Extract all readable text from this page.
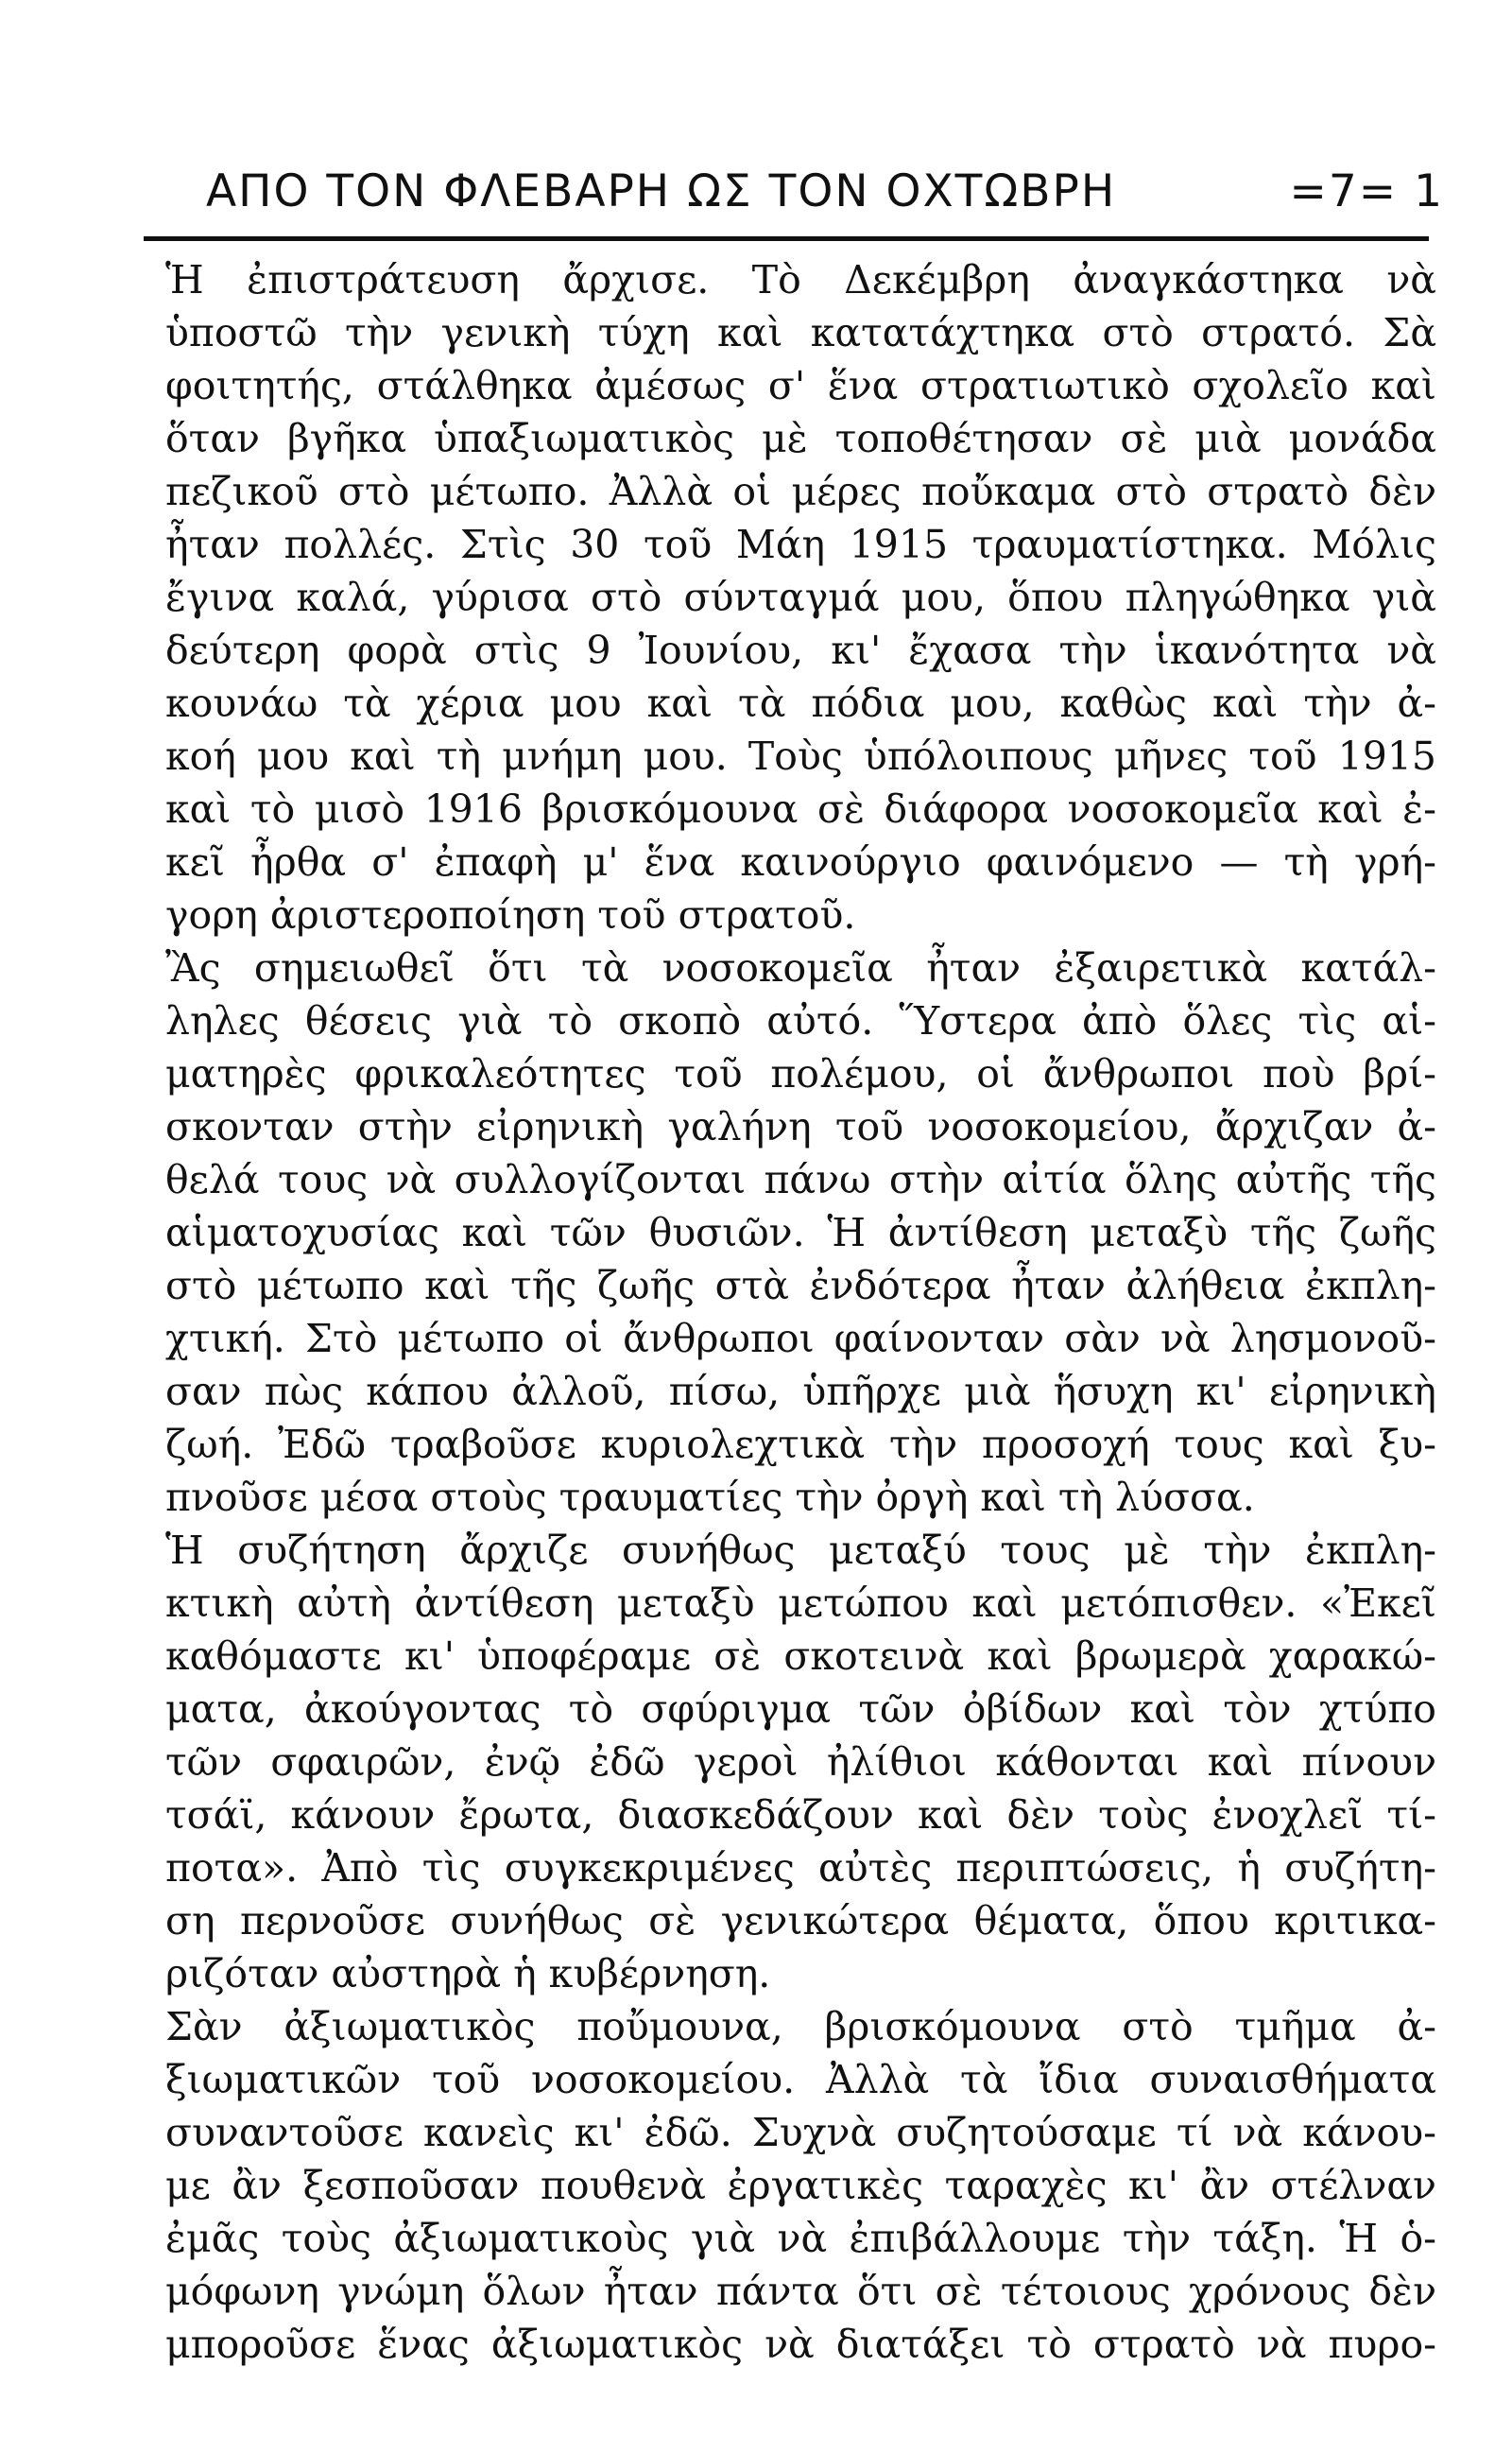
ΑΠΟ ΤΟΝ ΦΛΕΒΑΡΗ ΩΣ ΤΟΝ ΟΧΤΩΒΡΗ	=7= 1
Ἡ ἐπιστράτευση ἄρχισε. Τὸ Δεκέμβρη ἀναγκάστηκα νὰ
ὑποστῶ τὴν γενικὴ τύχη καὶ κατατάχτηκα στὸ στρατό. Σὰ
φοιτητής, στάλθηκα ἀμέσως σ' ἕνα στρατιωτικὸ σχολεῖο καὶ
ὅταν βγῆκα ὑπαξιωματικὸς μὲ τοποθέτησαν σὲ μιὰ μονάδα
πεζικοῦ στὸ μέτωπο. Ἀλλὰ οἱ μέρες ποὔκαμα στὸ στρατὸ δὲν
ἦταν πολλές. Στὶς 30 τοῦ Μάη 1915 τραυματίστηκα. Μόλις
ἔγινα καλά, γύρισα στὸ σύνταγμά μου, ὅπου πληγώθηκα γιὰ
δεύτερη φορὰ στὶς 9 Ἰουνίου, κι' ἔχασα τὴν ἱκανότητα νὰ
κουνάω τὰ χέρια μου καὶ τὰ πόδια μου, καθὼς καὶ τὴν ἀ-
κοή μου καὶ τὴ μνήμη μου. Τοὺς ὑπόλοιπους μῆνες τοῦ 1915
καὶ τὸ μισὸ 1916 βρισκόμουνα σὲ διάφορα νοσοκομεῖα καὶ ἐ-
κεῖ ἦρθα σ' ἐπαφὴ μ' ἕνα καινούργιο φαινόμενο — τὴ γρή-
γορη ἀριστεροποίηση τοῦ στρατοῦ.
Ἂς σημειωθεῖ ὅτι τὰ νοσοκομεῖα ἦταν ἐξαιρετικὰ κατάλ-
ληλες θέσεις γιὰ τὸ σκοπὸ αὐτό. Ὕστερα ἀπὸ ὅλες τὶς αἱ-
ματηρὲς φρικαλεότητες τοῦ πολέμου, οἱ ἄνθρωποι ποὺ βρί-
σκονταν στὴν εἰρηνικὴ γαλήνη τοῦ νοσοκομείου, ἄρχιζαν ἀ-
θελά τους νὰ συλλογίζονται πάνω στὴν αἰτία ὅλης αὐτῆς τῆς
αἱματοχυσίας καὶ τῶν θυσιῶν. Ἡ ἀντίθεση μεταξὺ τῆς ζωῆς
στὸ μέτωπο καὶ τῆς ζωῆς στὰ ἐνδότερα ἦταν ἀλήθεια ἐκπλη-
χτική. Στὸ μέτωπο οἱ ἄνθρωποι φαίνονταν σὰν νὰ λησμονοῦ-
σαν πὼς κάπου ἀλλοῦ, πίσω, ὑπῆρχε μιὰ ἥσυχη κι' εἰρηνικὴ
ζωή. Ἐδῶ τραβοῦσε κυριολεχτικὰ τὴν προσοχή τους καὶ ξυ-
πνοῦσε μέσα στοὺς τραυματίες τὴν ὀργὴ καὶ τὴ λύσσα.
Ἡ συζήτηση ἄρχιζε συνήθως μεταξύ τους μὲ τὴν ἐκπλη-
κτικὴ αὐτὴ ἀντίθεση μεταξὺ μετώπου καὶ μετόπισθεν. «Ἐκεῖ
καθόμαστε κι' ὑποφέραμε σὲ σκοτεινὰ καὶ βρωμερὰ χαρακώ-
ματα, ἀκούγοντας τὸ σφύριγμα τῶν ὀβίδων καὶ τὸν χτύπο
τῶν σφαιρῶν, ἐνῷ ἐδῶ γεροὶ ἠλίθιοι κάθονται καὶ πίνουν
τσάϊ, κάνουν ἔρωτα, διασκεδάζουν καὶ δὲν τοὺς ἐνοχλεῖ τί-
ποτα». Ἀπὸ τὶς συγκεκριμένες αὐτὲς περιπτώσεις, ἡ συζήτη-
ση περνοῦσε συνήθως σὲ γενικώτερα θέματα, ὅπου κριτικα-
ριζόταν αὐστηρὰ ἡ κυβέρνηση.
Σὰν ἀξιωματικὸς ποὔμουνα, βρισκόμουνα στὸ τμῆμα ἀ-
ξιωματικῶν τοῦ νοσοκομείου. Ἀλλὰ τὰ ἴδια συναισθήματα
συναντοῦσε κανεὶς κι' ἐδῶ. Συχνὰ συζητούσαμε τί νὰ κάνου-
με ἂν ξεσποῦσαν πουθενὰ ἐργατικὲς ταραχὲς κι' ἂν στέλναν
ἐμᾶς τοὺς ἀξιωματικοὺς γιὰ νὰ ἐπιβάλλουμε τὴν τάξη. Ἡ ὁ-
μόφωνη γνώμη ὅλων ἦταν πάντα ὅτι σὲ τέτοιους χρόνους δὲν
μποροῦσε ἕνας ἀξιωματικὸς νὰ διατάξει τὸ στρατὸ νὰ πυρο-
